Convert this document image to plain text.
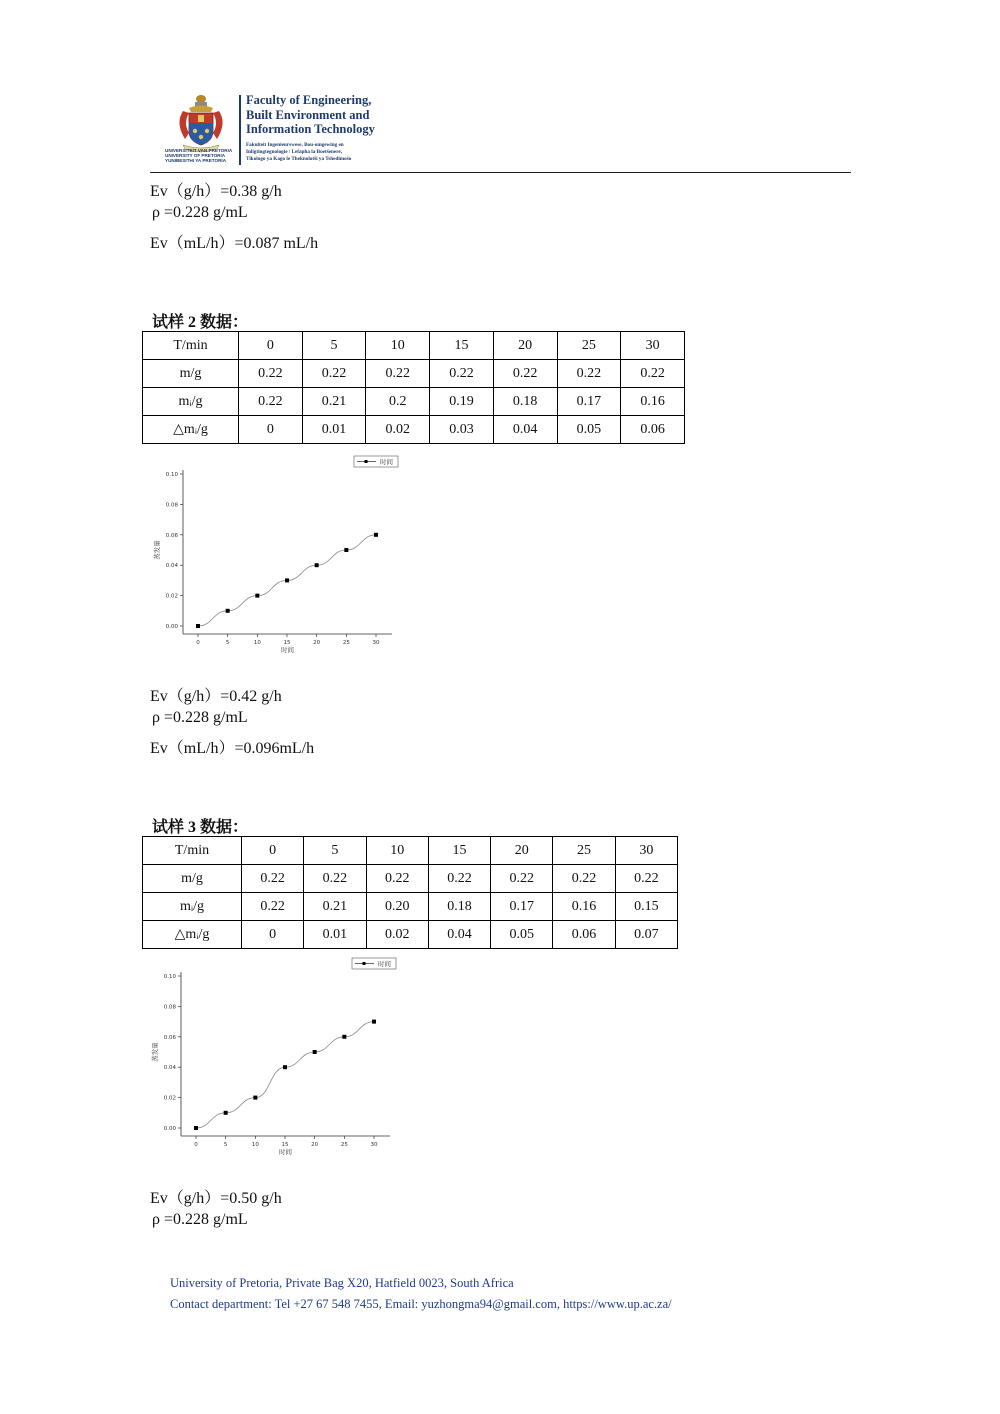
Faculty of Engineering,
Built Environment and
Information Technology
Fakulteit Ingenieurswese, Bou-omgewing en
Inligtingtegnologie / Lefapha la Boetšenere,
Tikologo ya Kago le Theknolotši ya Tshedimošo
UNIVERSITEIT VAN PRETORIA
UNIVERSITY OF PRETORIA
YUNIBESITHI YA PRETORIA
Ev（g/h）=0.38 g/h
ρ =0.228 g/mL
Ev（mL/h）=0.087 mL/h
试样 2 数据：
T/min	0	5	10	15	20	25	30
m/g	0.22	0.22	0.22	0.22	0.22	0.22	0.22
mᵢ/g	0.22	0.21	0.2	0.19	0.18	0.17	0.16
△mᵢ/g	0	0.01	0.02	0.03	0.04	0.05	0.06
0.00
0.02
0.04
0.06
0.08
0.10
0	5	10	15	20	25	30
时间
蒸发量
时间
Ev（g/h）=0.42 g/h
ρ =0.228 g/mL
Ev（mL/h）=0.096mL/h
试样 3 数据：
T/min	0	5	10	15	20	25	30
m/g	0.22	0.22	0.22	0.22	0.22	0.22	0.22
mᵢ/g	0.22	0.21	0.20	0.18	0.17	0.16	0.15
△mᵢ/g	0	0.01	0.02	0.04	0.05	0.06	0.07
0.00
0.02
0.04
0.06
0.08
0.10
0	5	10	15	20	25	30
时间
蒸发量
时间
Ev（g/h）=0.50 g/h
ρ =0.228 g/mL
University of Pretoria, Private Bag X20, Hatfield 0023, South Africa
Contact department: Tel +27 67 548 7455, Email: yuzhongma94@gmail.com, https://www.up.ac.za/
